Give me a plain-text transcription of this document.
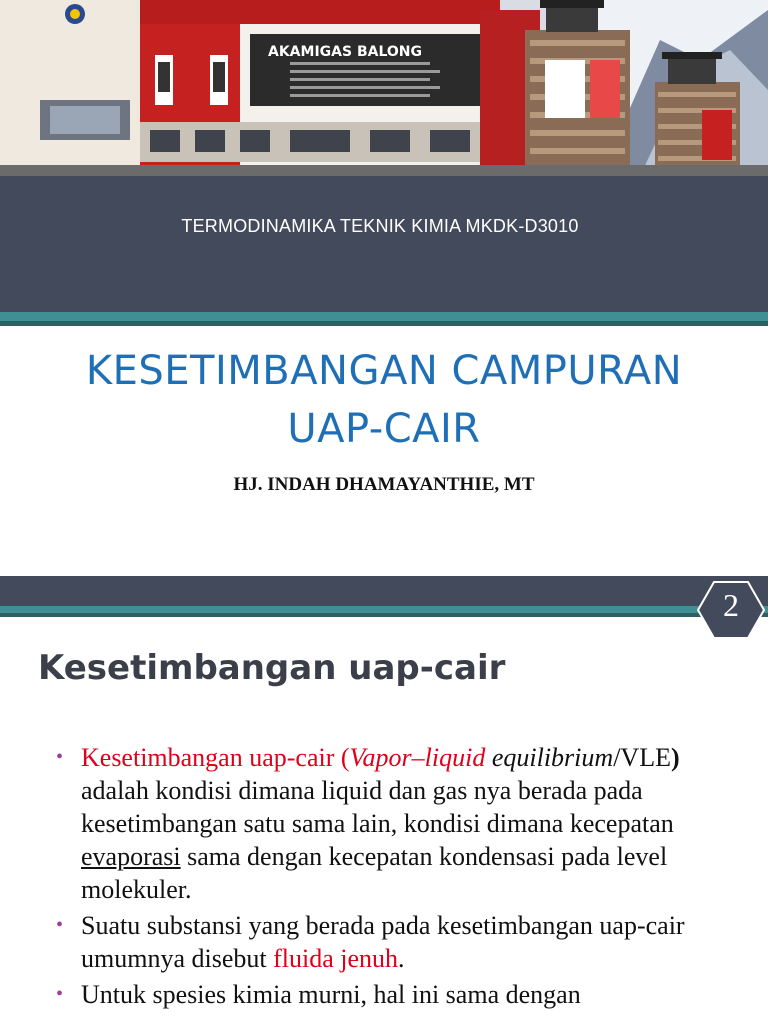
AKAMIGAS BALONG
TERMODINAMIKA TEKNIK KIMIA MKDK-D3010
KESETIMBANGAN CAMPURAN
UAP-CAIR
HJ. INDAH DHAMAYANTHIE, MT
2
Kesetimbangan uap-cair
• Kesetimbangan uap-cair (Vapor–liquid equilibrium/VLE) adalah kondisi dimana liquid dan gas nya berada pada kesetimbangan satu sama lain, kondisi dimana kecepatan evaporasi sama dengan kecepatan kondensasi pada level molekuler.
• Suatu substansi yang berada pada kesetimbangan uap-cair umumnya disebut fluida jenuh.
• Untuk spesies kimia murni, hal ini sama dengan
